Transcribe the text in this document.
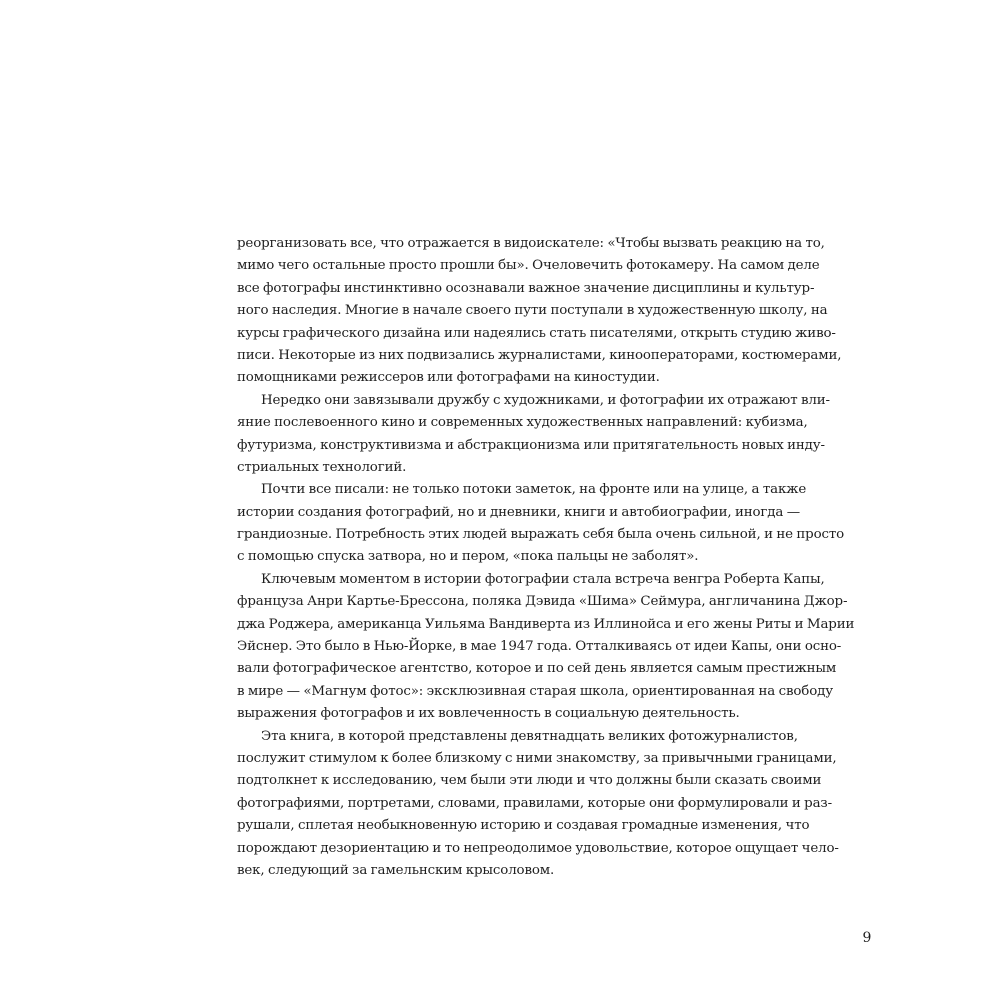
реорганизовать все, что отражается в видоискателе: «Чтобы вызвать реакцию на то,
мимо чего остальные просто прошли бы». Очеловечить фотокамеру. На самом деле
все фотографы инстинктивно осознавали важное значение дисциплины и культур-
ного наследия. Многие в начале своего пути поступали в художественную школу, на
курсы графического дизайна или надеялись стать писателями, открыть студию живо-
писи. Некоторые из них подвизались журналистами, кинооператорами, костюмерами,
помощниками режиссеров или фотографами на киностудии.
Нередко они завязывали дружбу с художниками, и фотографии их отражают вли-
яние послевоенного кино и современных художественных направлений: кубизма,
футуризма, конструктивизма и абстракционизма или притягательность новых инду-
стриальных технологий.
Почти все писали: не только потоки заметок, на фронте или на улице, а также
истории создания фотографий, но и дневники, книги и автобиографии, иногда —
грандиозные. Потребность этих людей выражать себя была очень сильной, и не просто
с помощью спуска затвора, но и пером, «пока пальцы не заболят».
Ключевым моментом в истории фотографии стала встреча венгра Роберта Капы,
француза Анри Картье-Брессона, поляка Дэвида «Шима» Сеймура, англичанина Джор-
джа Роджера, американца Уильяма Вандиверта из Иллинойса и его жены Риты и Марии
Эйснер. Это было в Нью-Йорке, в мае 1947 года. Отталкиваясь от идеи Капы, они осно-
вали фотографическое агентство, которое и по сей день является самым престижным
в мире — «Магнум фотос»: эксклюзивная старая школа, ориентированная на свободу
выражения фотографов и их вовлеченность в социальную деятельность.
Эта книга, в которой представлены девятнадцать великих фотожурналистов,
послужит стимулом к более близкому с ними знакомству, за привычными границами,
подтолкнет к исследованию, чем были эти люди и что должны были сказать своими
фотографиями, портретами, словами, правилами, которые они формулировали и раз-
рушали, сплетая необыкновенную историю и создавая громадные изменения, что
порождают дезориентацию и то непреодолимое удовольствие, которое ощущает чело-
век, следующий за гамельнским крысоловом.
9
